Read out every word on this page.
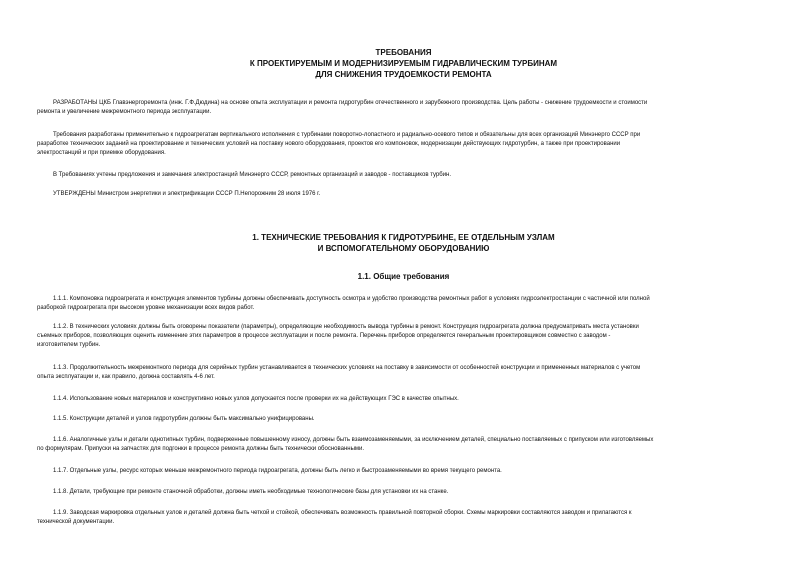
ТРЕБОВАНИЯ
К ПРОЕКТИРУЕМЫМ И МОДЕРНИЗИРУЕМЫМ ГИДРАВЛИЧЕСКИМ ТУРБИНАМ
ДЛЯ СНИЖЕНИЯ ТРУДОЕМКОСТИ РЕМОНТА
РАЗРАБОТАНЫ ЦКБ Главэнергоремонта (инж. Г.Ф.Дюдина) на основе опыта эксплуатации и ремонта гидротурбин отечественного и зарубежного производства. Цель работы - снижение трудоемкости и стоимости
ремонта и увеличение межремонтного периода эксплуатации.
Требования разработаны применительно к гидроагрегатам вертикального исполнения с турбинами поворотно-лопастного и радиально-осевого типов и обязательны для всех организаций Минэнерго СССР при
разработке технических заданий на проектирование и технических условий на поставку нового оборудования, проектов его компоновок, модернизации действующих гидротурбин, а также при проектировании
электростанций и при приемке оборудования.
В Требованиях учтены предложения и замечания электростанций Минэнерго СССР, ремонтных организаций и заводов - поставщиков турбин.
УТВЕРЖДЕНЫ Министром энергетики и электрификации СССР П.Непорожним 28 июля 1976 г.
1. ТЕХНИЧЕСКИЕ ТРЕБОВАНИЯ К ГИДРОТУРБИНЕ, ЕЕ ОТДЕЛЬНЫМ УЗЛАМ
И ВСПОМОГАТЕЛЬНОМУ ОБОРУДОВАНИЮ
1.1. Общие требования
1.1.1. Компоновка гидроагрегата и конструкция элементов турбины должны обеспечивать доступность осмотра и удобство производства ремонтных работ в условиях гидроэлектростанции с частичной или полной
разборкой гидроагрегата при высоком уровне механизации всех видов работ.
1.1.2. В технических условиях должны быть оговорены показатели (параметры), определяющие необходимость вывода турбины в ремонт. Конструкция гидроагрегата должна предусматривать места установки
съемных приборов, позволяющих оценить изменение этих параметров в процессе эксплуатации и после ремонта. Перечень приборов определяется генеральным проектировщиком совместно с заводом -
изготовителем турбин.
1.1.3. Продолжительность межремонтного периода для серийных турбин устанавливается в технических условиях на поставку в зависимости от особенностей конструкции и примененных материалов с учетом
опыта эксплуатации и, как правило, должна составлять 4-6 лет.
1.1.4. Использование новых материалов и конструктивно новых узлов допускается после проверки их на действующих ГЭС в качестве опытных.
1.1.5. Конструкции деталей и узлов гидротурбин должны быть максимально унифицированы.
1.1.6. Аналогичные узлы и детали однотипных турбин, подверженные повышенному износу, должны быть взаимозаменяемыми, за исключением деталей, специально поставляемых с припуском или изготовляемых
по формулярам. Припуски на запчастях для подгонки в процессе ремонта должны быть технически обоснованными.
1.1.7. Отдельные узлы, ресурс которых меньше межремонтного периода гидроагрегата, должны быть легко и быстрозаменяемыми во время текущего ремонта.
1.1.8. Детали, требующие при ремонте станочной обработки, должны иметь необходимые технологические базы для установки их на станке.
1.1.9. Заводская маркировка отдельных узлов и деталей должна быть четкой и стойкой, обеспечивать возможность правильной повторной сборки. Схемы маркировки составляются заводом и прилагаются к
технической документации.
